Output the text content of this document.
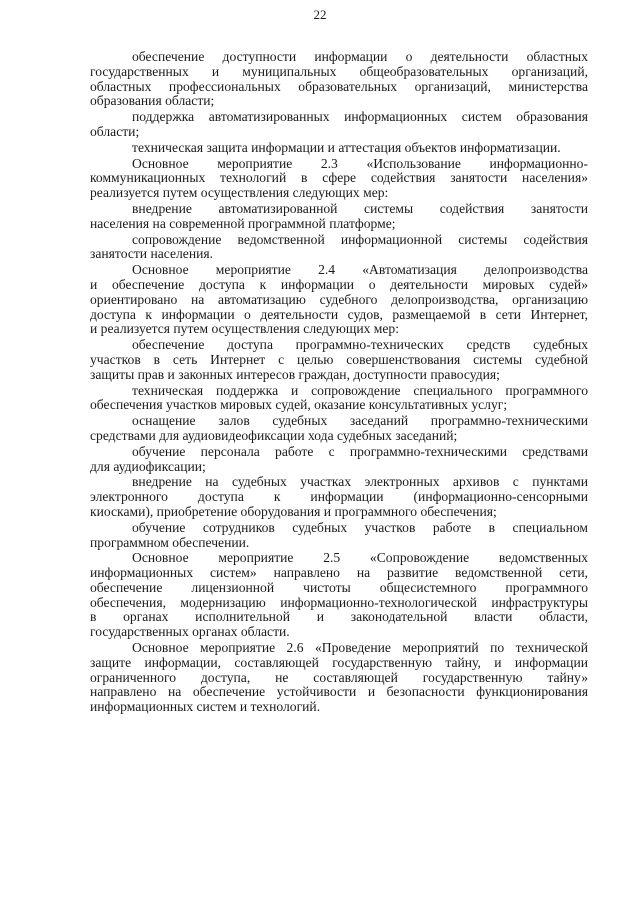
22
обеспечение доступности информации о деятельности областных
государственных и муниципальных общеобразовательных организаций,
областных профессиональных образовательных организаций, министерства
образования области;
поддержка автоматизированных информационных систем образования
области;
техническая защита информации и аттестация объектов информатизации.
Основное мероприятие 2.3 «Использование информационно-
коммуникационных технологий в сфере содействия занятости населения»
реализуется путем осуществления следующих мер:
внедрение автоматизированной системы содействия занятости
населения на современной программной платформе;
сопровождение ведомственной информационной системы содействия
занятости населения.
Основное мероприятие 2.4 «Автоматизация делопроизводства
и обеспечение доступа к информации о деятельности мировых судей»
ориентировано на автоматизацию судебного делопроизводства, организацию
доступа к информации о деятельности судов, размещаемой в сети Интернет,
и реализуется путем осуществления следующих мер:
обеспечение доступа программно-технических средств судебных
участков в сеть Интернет с целью совершенствования системы судебной
защиты прав и законных интересов граждан, доступности правосудия;
техническая поддержка и сопровождение специального программного
обеспечения участков мировых судей, оказание консультативных услуг;
оснащение залов судебных заседаний программно-техническими
средствами для аудиовидеофиксации хода судебных заседаний;
обучение персонала работе с программно-техническими средствами
для аудиофиксации;
внедрение на судебных участках электронных архивов с пунктами
электронного доступа к информации (информационно-сенсорными
киосками), приобретение оборудования и программного обеспечения;
обучение сотрудников судебных участков работе в специальном
программном обеспечении.
Основное мероприятие 2.5 «Сопровождение ведомственных
информационных систем» направлено на развитие ведомственной сети,
обеспечение лицензионной чистоты общесистемного программного
обеспечения, модернизацию информационно-технологической инфраструктуры
в органах исполнительной и законодательной власти области,
государственных органах области.
Основное мероприятие 2.6 «Проведение мероприятий по технической
защите информации, составляющей государственную тайну, и информации
ограниченного доступа, не составляющей государственную тайну»
направлено на обеспечение устойчивости и безопасности функционирования
информационных систем и технологий.
